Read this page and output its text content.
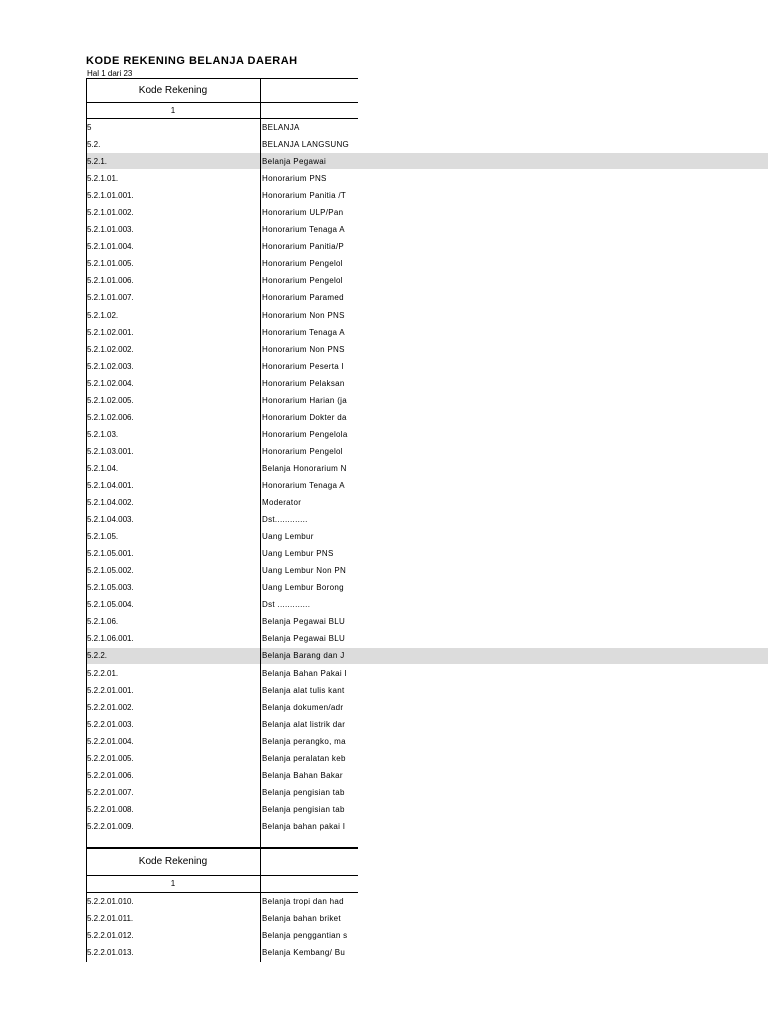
KODE REKENING BELANJA DAERAH
Hal 1 dari 23
Kode Rekening
1
5	BELANJA
5.2.	BELANJA LANGSUNG
5.2.1.	Belanja Pegawai
5.2.1.01.	Honorarium PNS
5.2.1.01.001.	Honorarium Panitia /T
5.2.1.01.002.	Honorarium ULP/Pan
5.2.1.01.003.	Honorarium Tenaga A
5.2.1.01.004.	Honorarium Panitia/P
5.2.1.01.005.	Honorarium Pengelol
5.2.1.01.006.	Honorarium Pengelol
5.2.1.01.007.	Honorarium Paramed
5.2.1.02.	Honorarium Non PNS
5.2.1.02.001.	Honorarium Tenaga A
5.2.1.02.002.	Honorarium Non PNS
5.2.1.02.003.	Honorarium Peserta I
5.2.1.02.004.	Honorarium Pelaksan
5.2.1.02.005.	Honorarium Harian (ja
5.2.1.02.006.	Honorarium Dokter da
5.2.1.03.	Honorarium Pengelola
5.2.1.03.001.	Honorarium Pengelol
5.2.1.04.	Belanja Honorarium N
5.2.1.04.001.	Honorarium Tenaga A
5.2.1.04.002.	Moderator
5.2.1.04.003.	Dst.............
5.2.1.05.	Uang Lembur
5.2.1.05.001.	Uang Lembur PNS
5.2.1.05.002.	Uang Lembur Non PN
5.2.1.05.003.	Uang Lembur Borong
5.2.1.05.004.	Dst .............
5.2.1.06.	Belanja Pegawai BLU
5.2.1.06.001.	Belanja Pegawai BLU
5.2.2.	Belanja Barang dan J
5.2.2.01.	Belanja Bahan Pakai I
5.2.2.01.001.	Belanja alat tulis kant
5.2.2.01.002.	Belanja dokumen/adr
5.2.2.01.003.	Belanja alat listrik dar
5.2.2.01.004.	Belanja perangko, ma
5.2.2.01.005.	Belanja peralatan keb
5.2.2.01.006.	Belanja Bahan Bakar
5.2.2.01.007.	Belanja pengisian tab
5.2.2.01.008.	Belanja pengisian tab
5.2.2.01.009.	Belanja bahan pakai I
Kode Rekening
1
5.2.2.01.010.	Belanja tropi dan had
5.2.2.01.011.	Belanja bahan briket
5.2.2.01.012.	Belanja penggantian s
5.2.2.01.013.	Belanja Kembang/ Bu
